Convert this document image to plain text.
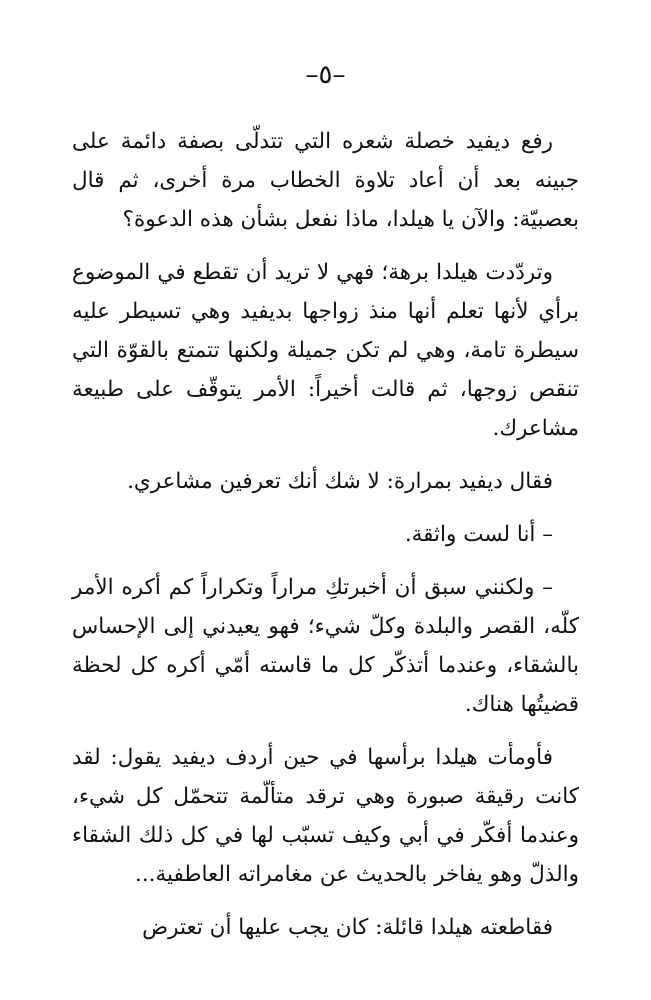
–٥–

رفع ديفيد خصلة شعره التي تتدلّى بصفة دائمة على جبينه بعد أن أعاد تلاوة الخطاب مرة أخرى، ثم قال بعصبيّة: والآن يا هيلدا، ماذا نفعل بشأن هذه الدعوة؟

وتردّدت هيلدا برهة؛ فهي لا تريد أن تقطع في الموضوع برأي لأنها تعلم أنها منذ زواجها بديفيد وهي تسيطر عليه سيطرة تامة، وهي لم تكن جميلة ولكنها تتمتع بالقوّة التي تنقص زوجها، ثم قالت أخيراً: الأمر يتوقّف على طبيعة مشاعرك.

فقال ديفيد بمرارة: لا شك أنك تعرفين مشاعري.

– أنا لست واثقة.

– ولكنني سبق أن أخبرتكِ مراراً وتكراراً كم أكره الأمر كلّه، القصر والبلدة وكلّ شيء؛ فهو يعيدني إلى الإحساس بالشقاء، وعندما أتذكّر كل ما قاسته أمّي أكره كل لحظة قضيتُها هناك.

فأومأت هيلدا برأسها في حين أردف ديفيد يقول: لقد كانت رقيقة صبورة وهي ترقد متألّمة تتحمّل كل شيء، وعندما أفكّر في أبي وكيف تسبّب لها في كل ذلك الشقاء والذلّ وهو يفاخر بالحديث عن مغامراته العاطفية...

فقاطعته هيلدا قائلة: كان يجب عليها أن تعترض
